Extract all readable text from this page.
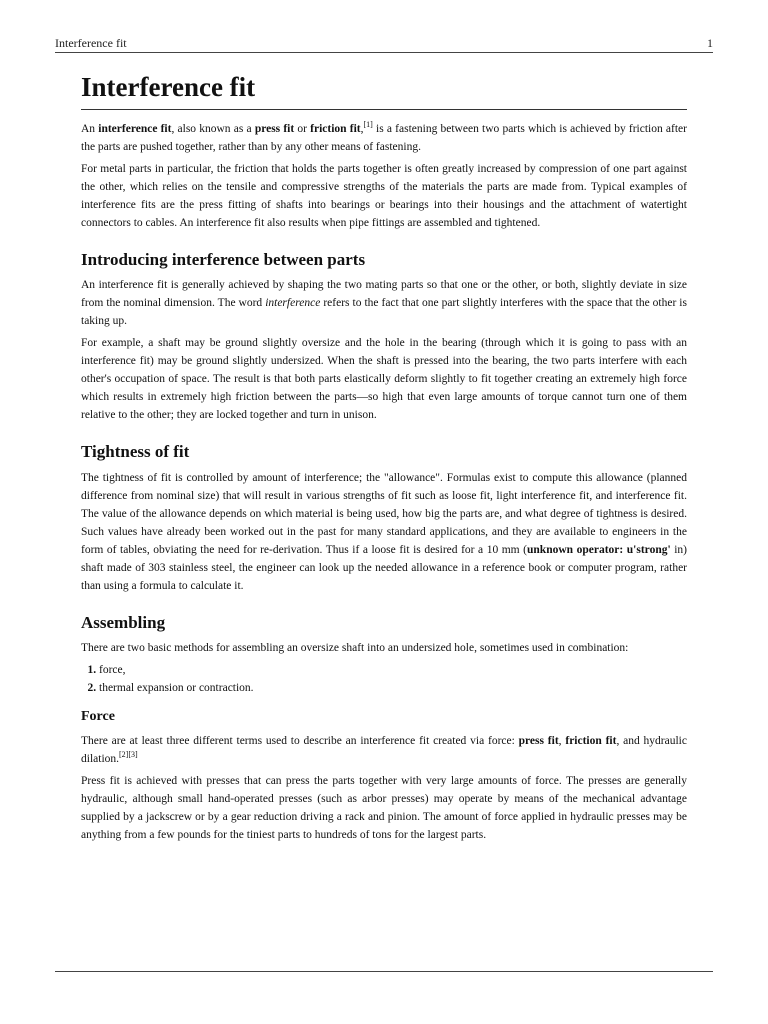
Interference fit	1
Interference fit

An interference fit, also known as a press fit or friction fit,[1] is a fastening between two parts which is achieved by friction after the parts are pushed together, rather than by any other means of fastening.

For metal parts in particular, the friction that holds the parts together is often greatly increased by compression of one part against the other, which relies on the tensile and compressive strengths of the materials the parts are made from. Typical examples of interference fits are the press fitting of shafts into bearings or bearings into their housings and the attachment of watertight connectors to cables. An interference fit also results when pipe fittings are assembled and tightened.

Introducing interference between parts

An interference fit is generally achieved by shaping the two mating parts so that one or the other, or both, slightly deviate in size from the nominal dimension. The word interference refers to the fact that one part slightly interferes with the space that the other is taking up.

For example, a shaft may be ground slightly oversize and the hole in the bearing (through which it is going to pass with an interference fit) may be ground slightly undersized. When the shaft is pressed into the bearing, the two parts interfere with each other's occupation of space. The result is that both parts elastically deform slightly to fit together creating an extremely high force which results in extremely high friction between the parts—so high that even large amounts of torque cannot turn one of them relative to the other; they are locked together and turn in unison.

Tightness of fit

The tightness of fit is controlled by amount of interference; the "allowance". Formulas exist to compute this allowance (planned difference from nominal size) that will result in various strengths of fit such as loose fit, light interference fit, and interference fit. The value of the allowance depends on which material is being used, how big the parts are, and what degree of tightness is desired. Such values have already been worked out in the past for many standard applications, and they are available to engineers in the form of tables, obviating the need for re-derivation. Thus if a loose fit is desired for a 10 mm (unknown operator: u'strong' in) shaft made of 303 stainless steel, the engineer can look up the needed allowance in a reference book or computer program, rather than using a formula to calculate it.

Assembling

There are two basic methods for assembling an oversize shaft into an undersized hole, sometimes used in combination:

1. force,
2. thermal expansion or contraction.
Force

There are at least three different terms used to describe an interference fit created via force: press fit, friction fit, and hydraulic dilation.[2][3]

Press fit is achieved with presses that can press the parts together with very large amounts of force. The presses are generally hydraulic, although small hand-operated presses (such as arbor presses) may operate by means of the mechanical advantage supplied by a jackscrew or by a gear reduction driving a rack and pinion. The amount of force applied in hydraulic presses may be anything from a few pounds for the tiniest parts to hundreds of tons for the largest parts.
